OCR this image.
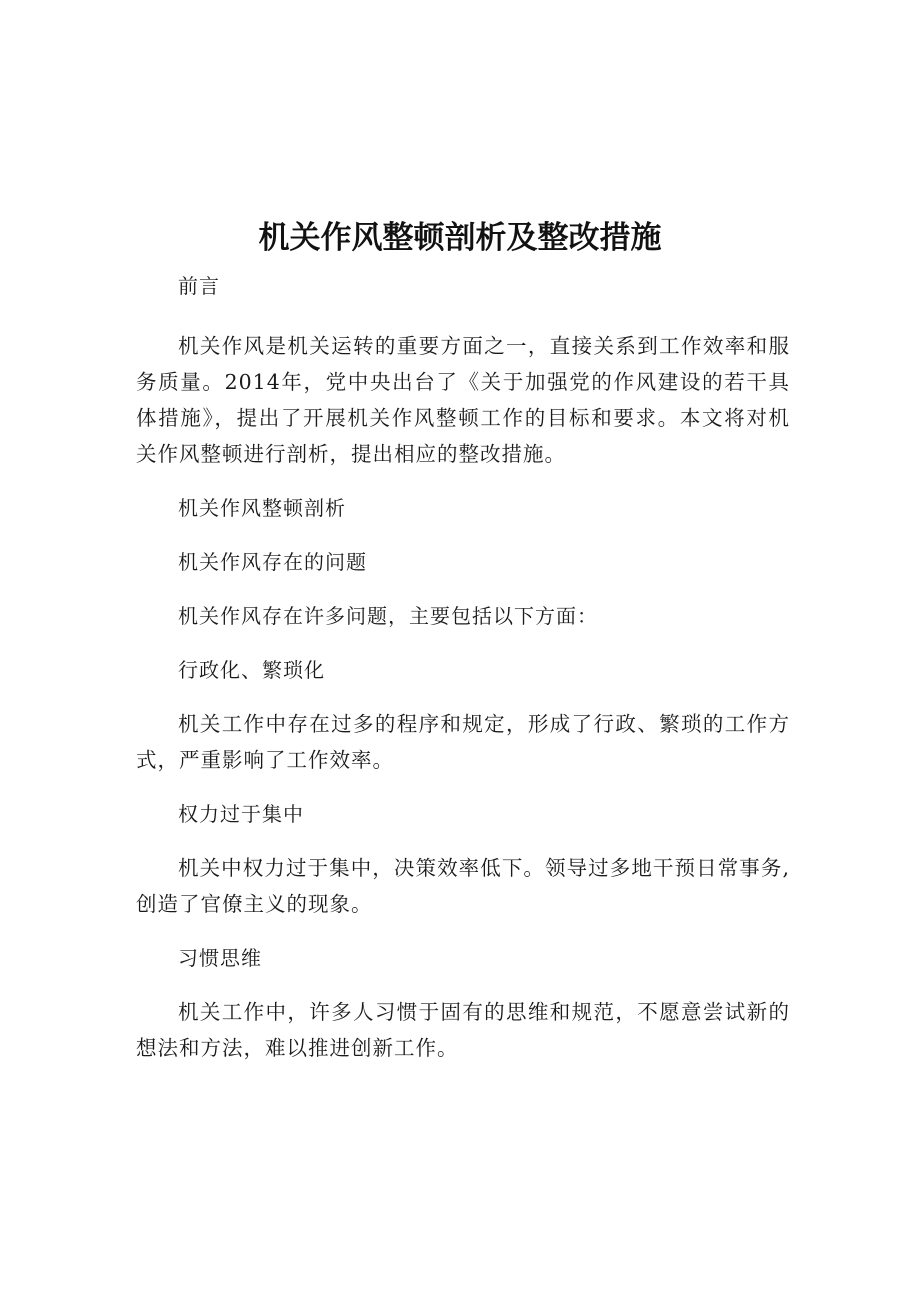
机关作风整顿剖析及整改措施

前言

机关作风是机关运转的重要方面之一，直接关系到工作效率和服务质量。2014年，党中央出台了《关于加强党的作风建设的若干具体措施》，提出了开展机关作风整顿工作的目标和要求。本文将对机关作风整顿进行剖析，提出相应的整改措施。

机关作风整顿剖析

机关作风存在的问题

机关作风存在许多问题，主要包括以下方面：

行政化、繁琐化

机关工作中存在过多的程序和规定，形成了行政、繁琐的工作方式，严重影响了工作效率。

权力过于集中

机关中权力过于集中，决策效率低下。领导过多地干预日常事务,创造了官僚主义的现象。

习惯思维

机关工作中，许多人习惯于固有的思维和规范，不愿意尝试新的想法和方法，难以推进创新工作。
